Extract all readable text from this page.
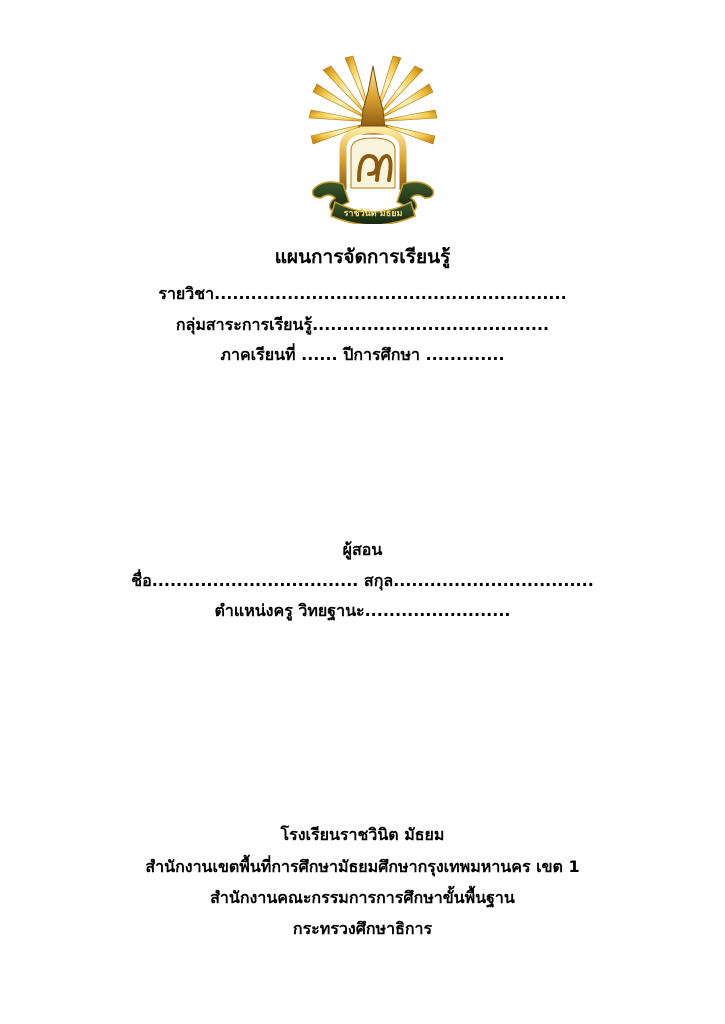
ราชวินิต มัธยม
แผนการจัดการเรียนรู้
รายวิชา..........................................................
กลุ่มสาระการเรียนรู้.......................................
ภาคเรียนที่ ...... ปีการศึกษา .............
ผู้สอน
ชื่อ.................................. สกุล.................................
ตำแหน่งครู วิทยฐานะ........................
โรงเรียนราชวินิต มัธยม
สำนักงานเขตพื้นที่การศึกษามัธยมศึกษากรุงเทพมหานคร เขต 1
สำนักงานคณะกรรมการการศึกษาขั้นพื้นฐาน
กระทรวงศึกษาธิการ
